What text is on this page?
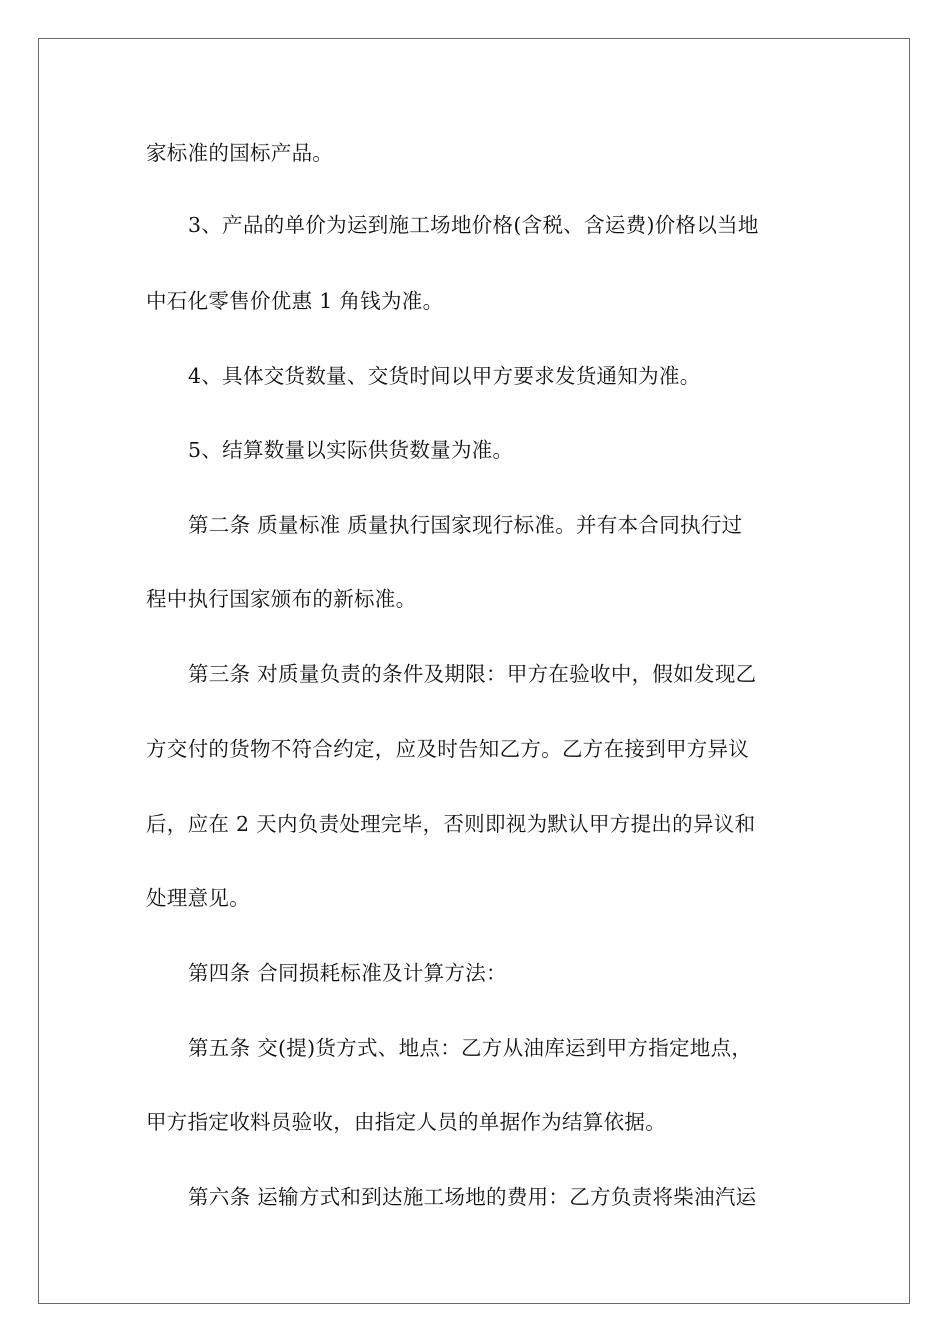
家标准的国标产品。
3、产品的单价为运到施工场地价格(含税、含运费)价格以当地
中石化零售价优惠 1 角钱为准。
4、具体交货数量、交货时间以甲方要求发货通知为准。
5、结算数量以实际供货数量为准。
第二条 质量标准 质量执行国家现行标准。并有本合同执行过
程中执行国家颁布的新标准。
第三条 对质量负责的条件及期限：甲方在验收中，假如发现乙
方交付的货物不符合约定，应及时告知乙方。乙方在接到甲方异议
后，应在 2 天内负责处理完毕，否则即视为默认甲方提出的异议和
处理意见。
第四条 合同损耗标准及计算方法：
第五条 交(提)货方式、地点：乙方从油库运到甲方指定地点，
甲方指定收料员验收，由指定人员的单据作为结算依据。
第六条 运输方式和到达施工场地的费用：乙方负责将柴油汽运
